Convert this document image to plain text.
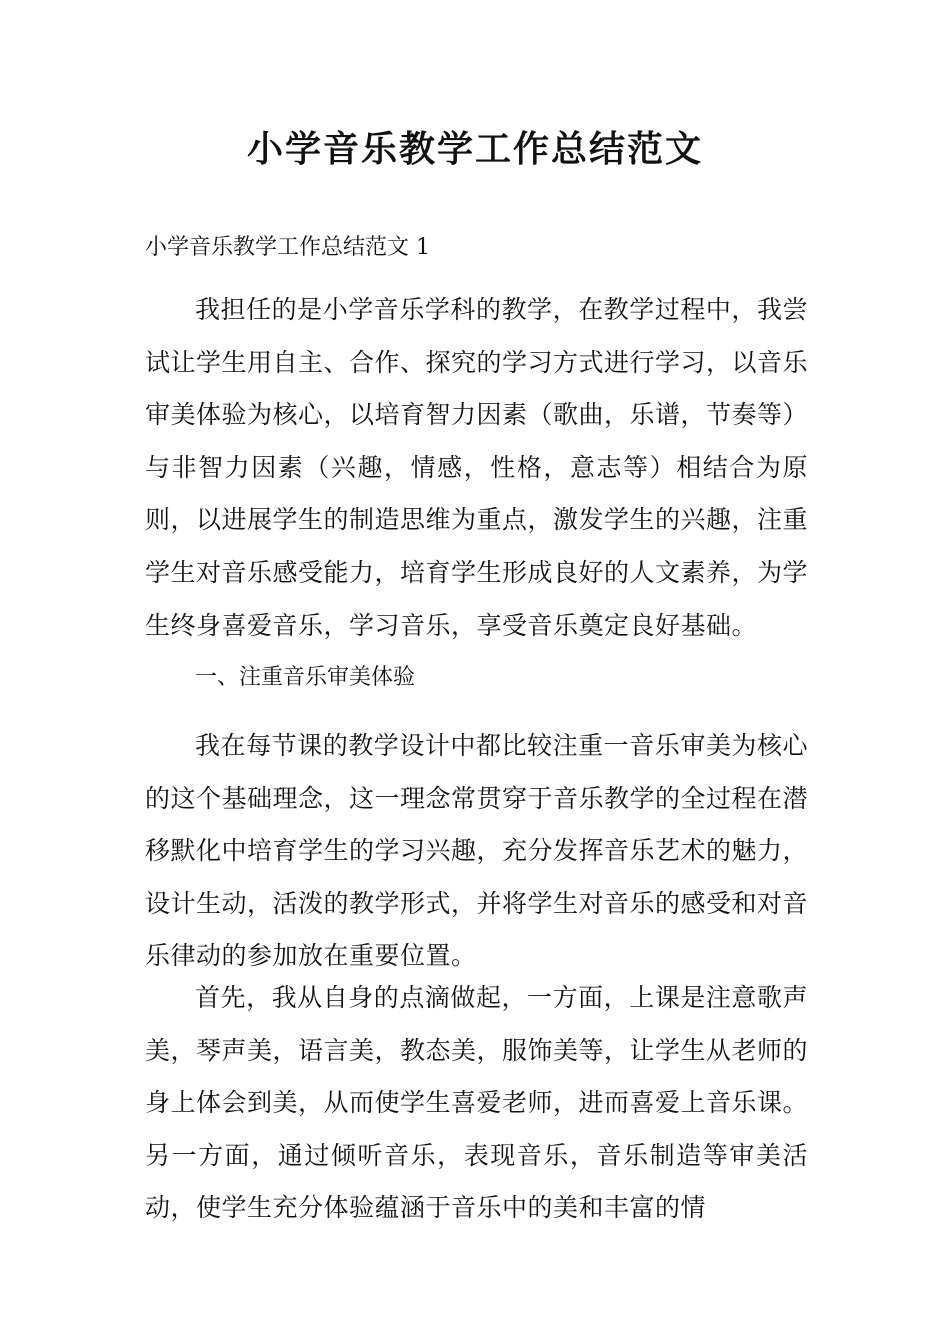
小学音乐教学工作总结范文

小学音乐教学工作总结范文 1

我担任的是小学音乐学科的教学，在教学过程中，我尝试让学生用自主、合作、探究的学习方式进行学习，以音乐审美体验为核心，以培育智力因素（歌曲，乐谱，节奏等）与非智力因素（兴趣，情感，性格，意志等）相结合为原则，以进展学生的制造思维为重点，激发学生的兴趣，注重学生对音乐感受能力，培育学生形成良好的人文素养，为学生终身喜爱音乐，学习音乐，享受音乐奠定良好基础。

一、注重音乐审美体验

我在每节课的教学设计中都比较注重一音乐审美为核心的这个基础理念，这一理念常贯穿于音乐教学的全过程在潜移默化中培育学生的学习兴趣，充分发挥音乐艺术的魅力，设计生动，活泼的教学形式，并将学生对音乐的感受和对音乐律动的参加放在重要位置。

首先，我从自身的点滴做起，一方面，上课是注意歌声美，琴声美，语言美，教态美，服饰美等，让学生从老师的身上体会到美，从而使学生喜爱老师，进而喜爱上音乐课。另一方面，通过倾听音乐，表现音乐，音乐制造等审美活动，使学生充分体验蕴涵于音乐中的美和丰富的情
